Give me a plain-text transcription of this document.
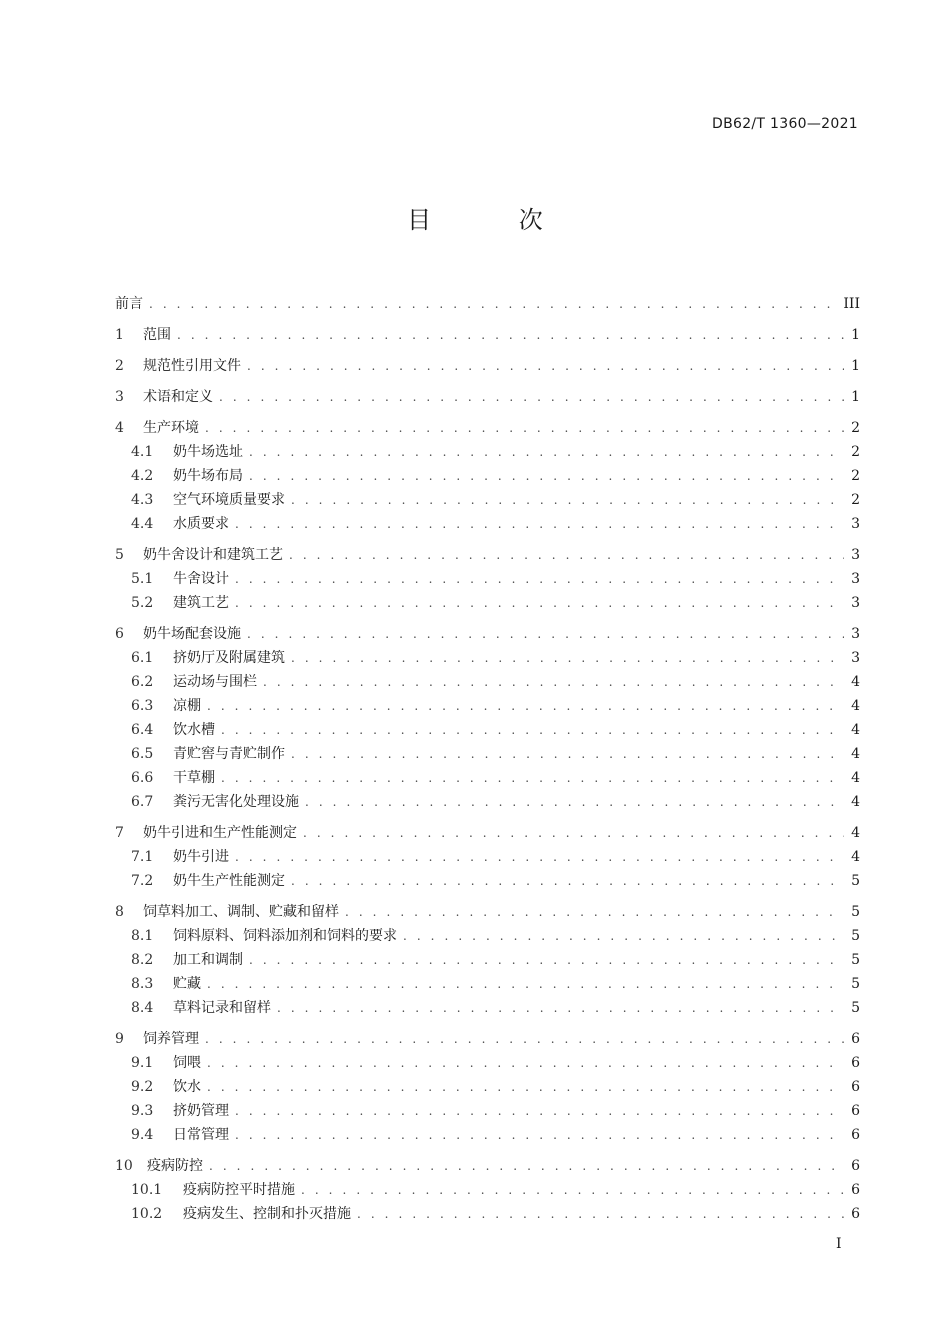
DB62/T 1360—2021
目 次
前言 . . .	III
1	范围 . . .	1
2	规范性引用文件 . . .	1
3	术语和定义 . . .	1
4	生产环境 . . .	2
4.1	奶牛场选址 . . .	2
4.2	奶牛场布局 . . .	2
4.3	空气环境质量要求 . . .	2
4.4	水质要求 . . .	3
5	奶牛舍设计和建筑工艺 . . .	3
5.1	牛舍设计 . . .	3
5.2	建筑工艺 . . .	3
6	奶牛场配套设施 . . .	3
6.1	挤奶厅及附属建筑 . . .	3
6.2	运动场与围栏 . . .	4
6.3	凉棚 . . .	4
6.4	饮水槽 . . .	4
6.5	青贮窖与青贮制作 . . .	4
6.6	干草棚 . . .	4
6.7	粪污无害化处理设施 . . .	4
7	奶牛引进和生产性能测定 . . .	4
7.1	奶牛引进 . . .	4
7.2	奶牛生产性能测定 . . .	5
8	饲草料加工、调制、贮藏和留样 . . .	5
8.1	饲料原料、饲料添加剂和饲料的要求 . . .	5
8.2	加工和调制 . . .	5
8.3	贮藏 . . .	5
8.4	草料记录和留样 . . .	5
9	饲养管理 . . .	6
9.1	饲喂 . . .	6
9.2	饮水 . . .	6
9.3	挤奶管理 . . .	6
9.4	日常管理 . . .	6
10 疫病防控 . . .	6
10.1	疫病防控平时措施 . . .	6
10.2	疫病发生、控制和扑灭措施 . . .	6
I
